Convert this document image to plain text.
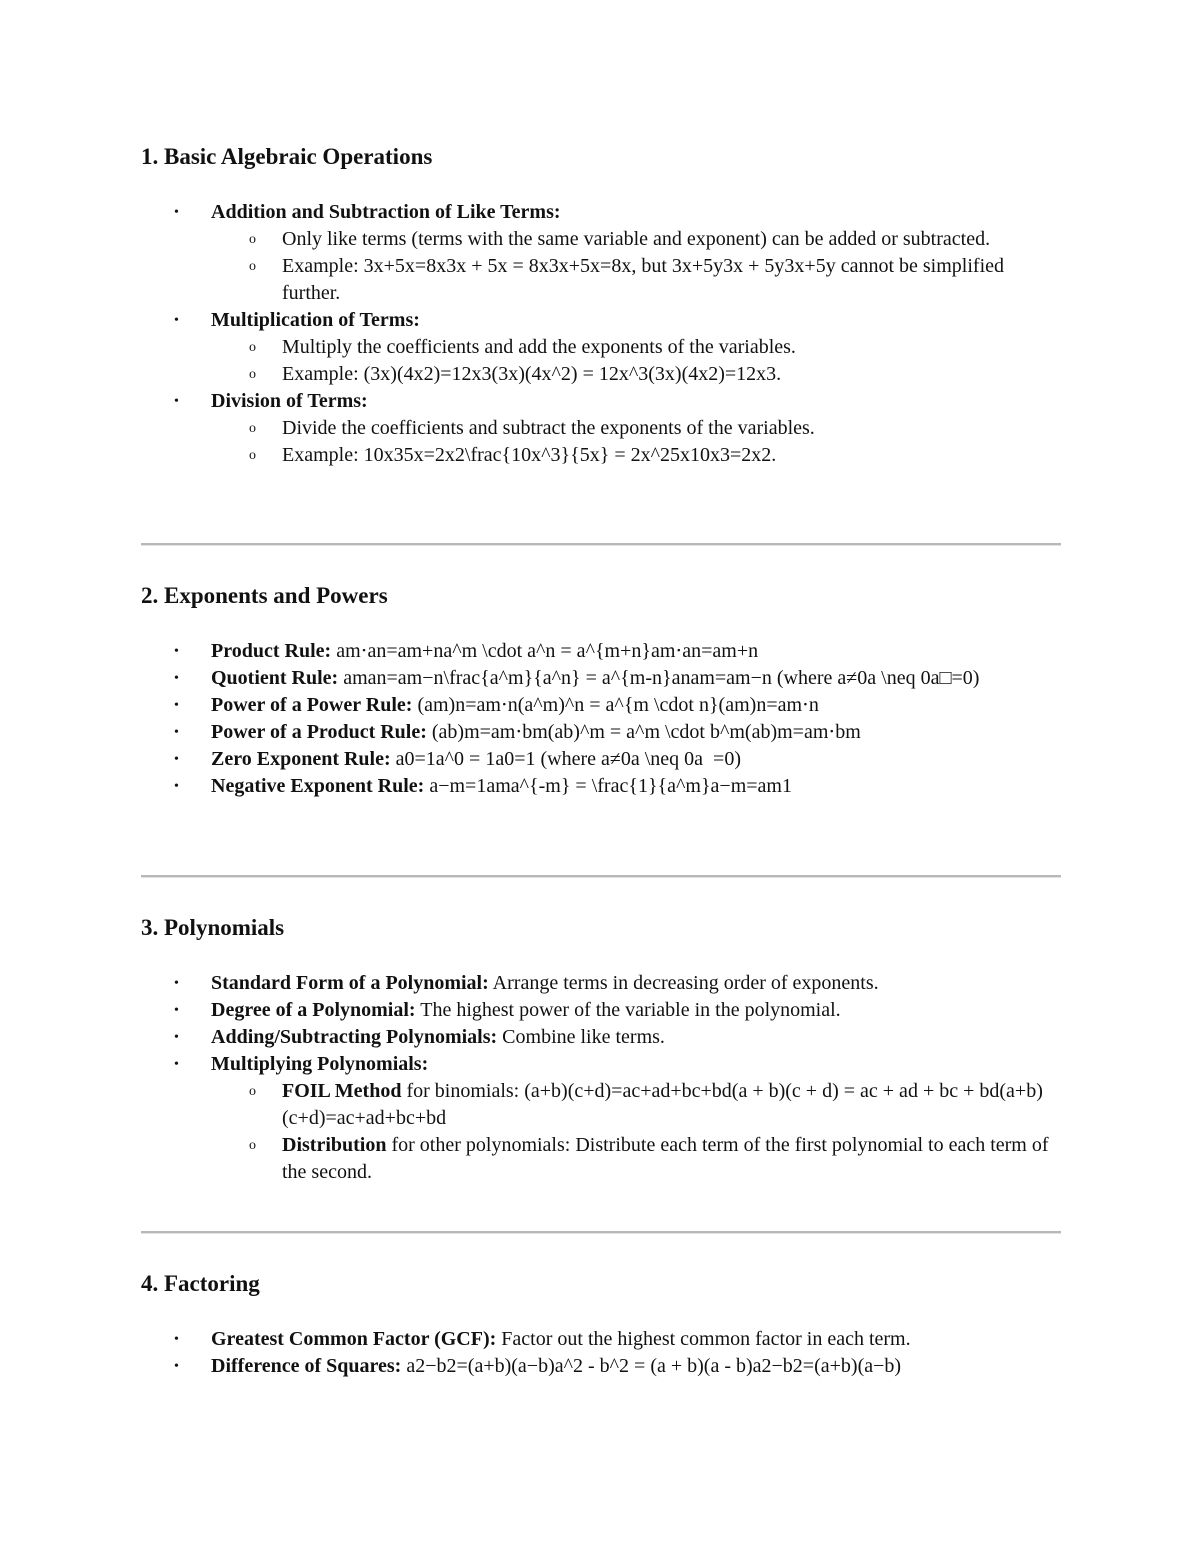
1. Basic Algebraic Operations
•	Addition and Subtraction of Like Terms:
o Only like terms (terms with the same variable and exponent) can be added or subtracted.
o Example: 3x+5x=8x3x + 5x = 8x3x+5x=8x, but 3x+5y3x + 5y3x+5y cannot be simplified further.
•	Multiplication of Terms:
o Multiply the coefficients and add the exponents of the variables.
o Example: (3x)(4x2)=12x3(3x)(4x^2) = 12x^3(3x)(4x2)=12x3.
•	Division of Terms:
o Divide the coefficients and subtract the exponents of the variables.
o Example: 10x35x=2x2\frac{10x^3}{5x} = 2x^25x10x3=2x2.
2. Exponents and Powers
•	Product Rule: am⋅an=am+na^m \cdot a^n = a^{m+n}am⋅an=am+n
•	Quotient Rule: aman=am−n\frac{a^m}{a^n} = a^{m-n}anam=am−n (where a≠0a \neq 0a□=0)
•	Power of a Power Rule: (am)n=am⋅n(a^m)^n = a^{m \cdot n}(am)n=am⋅n
•	Power of a Product Rule: (ab)m=am⋅bm(ab)^m = a^m \cdot b^m(ab)m=am⋅bm
•	Zero Exponent Rule: a0=1a^0 = 1a0=1 (where a≠0a \neq 0a  =0)
•	Negative Exponent Rule: a−m=1ama^{-m} = \frac{1}{a^m}a−m=am1
3. Polynomials
•	Standard Form of a Polynomial: Arrange terms in decreasing order of exponents.
•	Degree of a Polynomial: The highest power of the variable in the polynomial.
•	Adding/Subtracting Polynomials: Combine like terms.
•	Multiplying Polynomials:
o FOIL Method for binomials: (a+b)(c+d)=ac+ad+bc+bd(a + b)(c + d) = ac + ad + bc + bd(a+b)(c+d)=ac+ad+bc+bd
o Distribution for other polynomials: Distribute each term of the first polynomial to each term of the second.
4. Factoring
•	Greatest Common Factor (GCF): Factor out the highest common factor in each term.
•	Difference of Squares: a2−b2=(a+b)(a−b)a^2 - b^2 = (a + b)(a - b)a2−b2=(a+b)(a−b)
